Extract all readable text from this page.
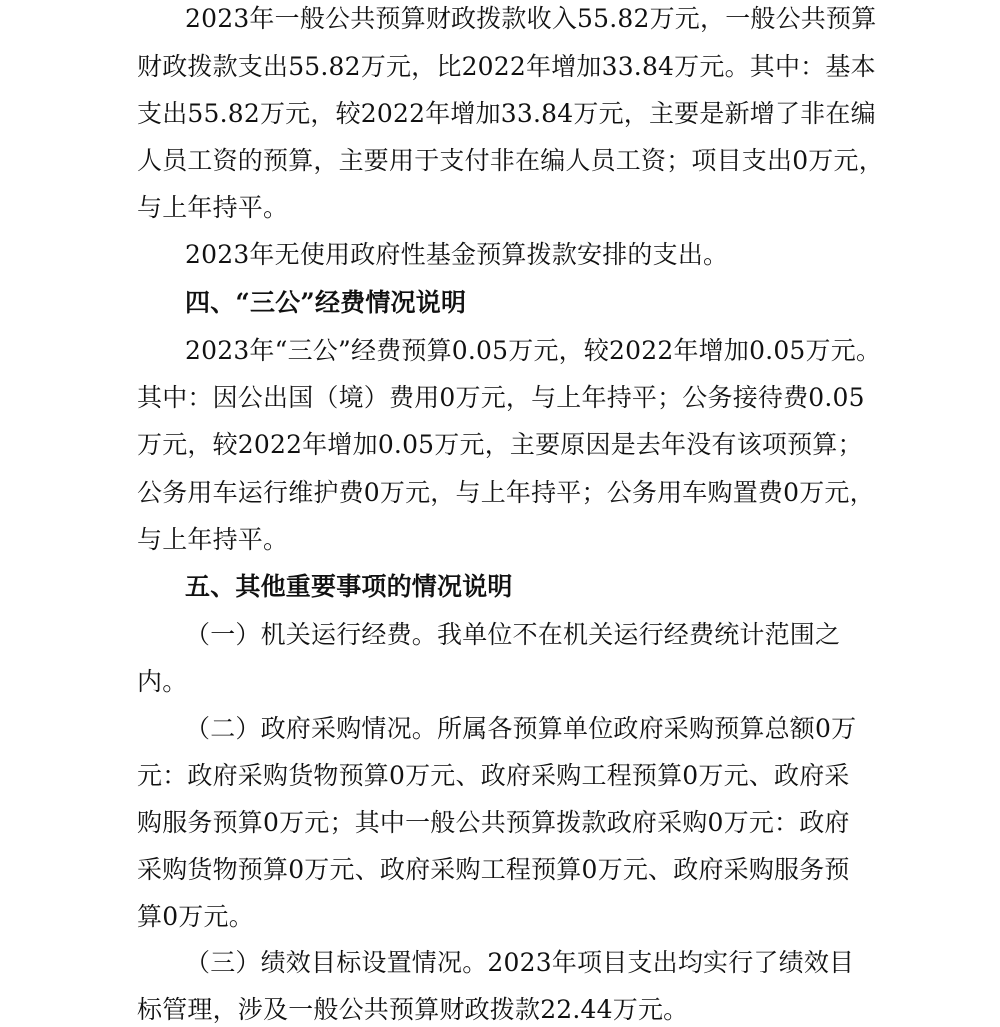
2023年一般公共预算财政拨款收入55.82万元，一般公共预算
财政拨款支出55.82万元，比2022年增加33.84万元。其中：基本
支出55.82万元，较2022年增加33.84万元，主要是新增了非在编
人员工资的预算，主要用于支付非在编人员工资；项目支出0万元，
与上年持平。
2023年无使用政府性基金预算拨款安排的支出。
四、“三公”经费情况说明
2023年“三公”经费预算0.05万元，较2022年增加0.05万元。
其中：因公出国（境）费用0万元，与上年持平；公务接待费0.05
万元，较2022年增加0.05万元，主要原因是去年没有该项预算；
公务用车运行维护费0万元，与上年持平；公务用车购置费0万元，
与上年持平。
五、其他重要事项的情况说明
（一）机关运行经费。我单位不在机关运行经费统计范围之
内。
（二）政府采购情况。所属各预算单位政府采购预算总额0万
元：政府采购货物预算0万元、政府采购工程预算0万元、政府采
购服务预算0万元；其中一般公共预算拨款政府采购0万元：政府
采购货物预算0万元、政府采购工程预算0万元、政府采购服务预
算0万元。
（三）绩效目标设置情况。2023年项目支出均实行了绩效目
标管理，涉及一般公共预算财政拨款22.44万元。
